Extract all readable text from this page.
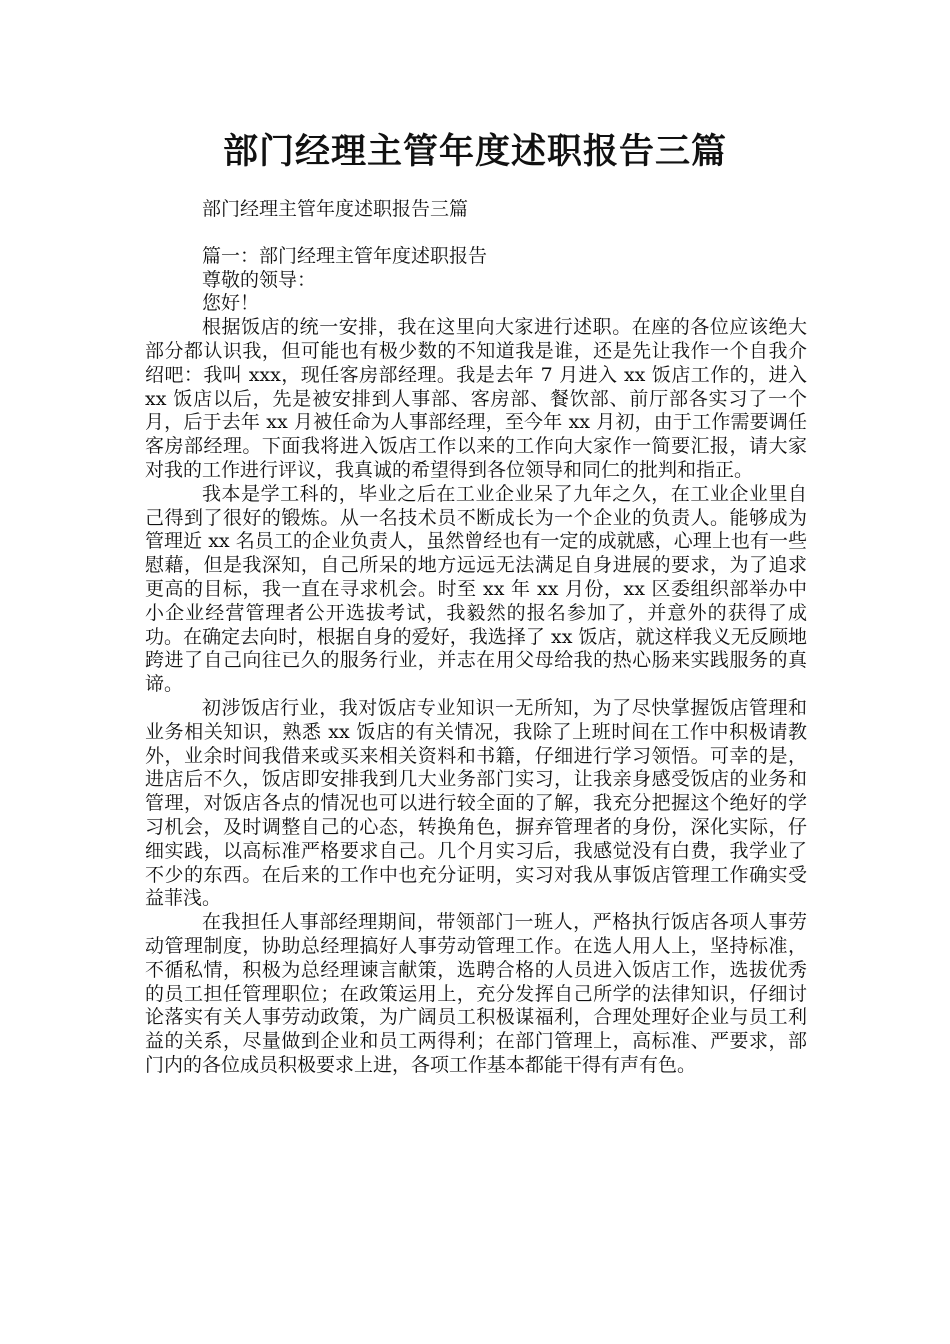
部门经理主管年度述职报告三篇
部门经理主管年度述职报告三篇
篇一：部门经理主管年度述职报告
尊敬的领导：
您好！
根据饭店的统一安排，我在这里向大家进行述职。在座的各位应该绝大部分都认识我，但可能也有极少数的不知道我是谁，还是先让我作一个自我介绍吧：我叫 xxx，现任客房部经理。我是去年 7 月进入 xx 饭店工作的，进入 xx 饭店以后，先是被安排到人事部、客房部、餐饮部、前厅部各实习了一个月，后于去年 xx 月被任命为人事部经理，至今年 xx 月初，由于工作需要调任客房部经理。下面我将进入饭店工作以来的工作向大家作一简要汇报，请大家对我的工作进行评议，我真诚的希望得到各位领导和同仁的批判和指正。
我本是学工科的，毕业之后在工业企业呆了九年之久，在工业企业里自己得到了很好的锻炼。从一名技术员不断成长为一个企业的负责人。能够成为管理近 xx 名员工的企业负责人，虽然曾经也有一定的成就感，心理上也有一些慰藉，但是我深知，自己所呆的地方远远无法满足自身进展的要求，为了追求更高的目标，我一直在寻求机会。时至 xx 年 xx 月份，xx 区委组织部举办中小企业经营管理者公开选拔考试，我毅然的报名参加了，并意外的获得了成功。在确定去向时，根据自身的爱好，我选择了 xx 饭店，就这样我义无反顾地跨进了自己向往已久的服务行业，并志在用父母给我的热心肠来实践服务的真谛。
初涉饭店行业，我对饭店专业知识一无所知，为了尽快掌握饭店管理和业务相关知识，熟悉 xx 饭店的有关情况，我除了上班时间在工作中积极请教外，业余时间我借来或买来相关资料和书籍，仔细进行学习领悟。可幸的是，进店后不久，饭店即安排我到几大业务部门实习，让我亲身感受饭店的业务和管理，对饭店各点的情况也可以进行较全面的了解，我充分把握这个绝好的学习机会，及时调整自己的心态，转换角色，摒弃管理者的身份，深化实际，仔细实践，以高标准严格要求自己。几个月实习后，我感觉没有白费，我学业了不少的东西。在后来的工作中也充分证明，实习对我从事饭店管理工作确实受益菲浅。
在我担任人事部经理期间，带领部门一班人，严格执行饭店各项人事劳动管理制度，协助总经理搞好人事劳动管理工作。在选人用人上，坚持标准，不循私情，积极为总经理谏言献策，选聘合格的人员进入饭店工作，选拔优秀的员工担任管理职位；在政策运用上，充分发挥自己所学的法律知识，仔细讨论落实有关人事劳动政策，为广阔员工积极谋福利，合理处理好企业与员工利益的关系，尽量做到企业和员工两得利；在部门管理上，高标准、严要求，部门内的各位成员积极要求上进，各项工作基本都能干得有声有色。
